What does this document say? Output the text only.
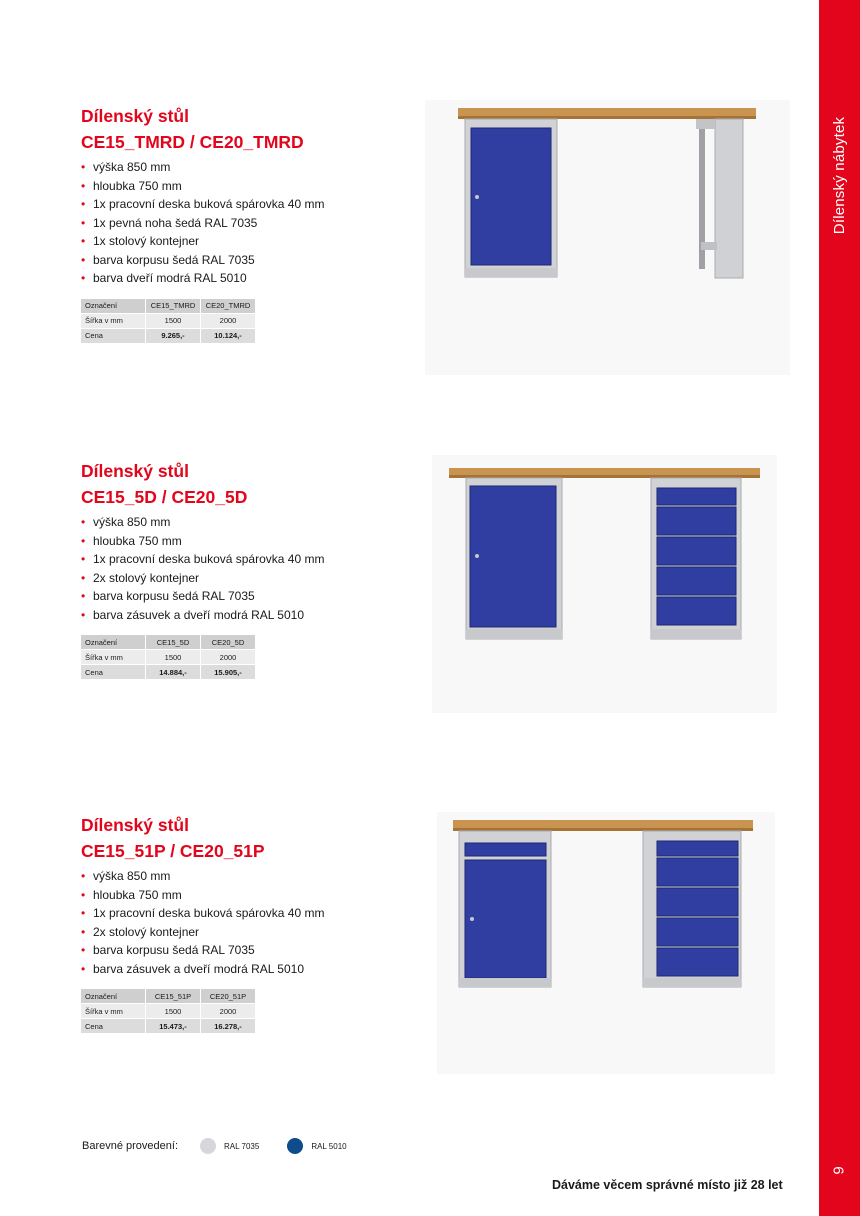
Dílenský nábytek
9
Dílenský stůl
CE15_TMRD / CE20_TMRD
• výška 850 mm
• hloubka 750 mm
• 1x pracovní deska buková spárovka 40 mm
• 1x pevná noha šedá RAL 7035
• 1x stolový kontejner
• barva korpusu šedá RAL 7035
• barva dveří modrá RAL 5010
Označení	CE15_TMRD	CE20_TMRD
Šířka v mm	1500	2000
Cena	9.265,-	10.124,-
Dílenský stůl
CE15_5D / CE20_5D
• výška 850 mm
• hloubka 750 mm
• 1x pracovní deska buková spárovka 40 mm
• 2x stolový kontejner
• barva korpusu šedá RAL 7035
• barva zásuvek a dveří modrá RAL 5010
Označení	CE15_5D	CE20_5D
Šířka v mm	1500	2000
Cena	14.884,-	15.905,-
Dílenský stůl
CE15_51P / CE20_51P
• výška 850 mm
• hloubka 750 mm
• 1x pracovní deska buková spárovka 40 mm
• 2x stolový kontejner
• barva korpusu šedá RAL 7035
• barva zásuvek a dveří modrá RAL 5010
Označení	CE15_51P	CE20_51P
Šířka v mm	1500	2000
Cena	15.473,-	16.278,-
Barevné provedení:	RAL 7035	RAL 5010
Dáváme věcem správné místo již 28 let
